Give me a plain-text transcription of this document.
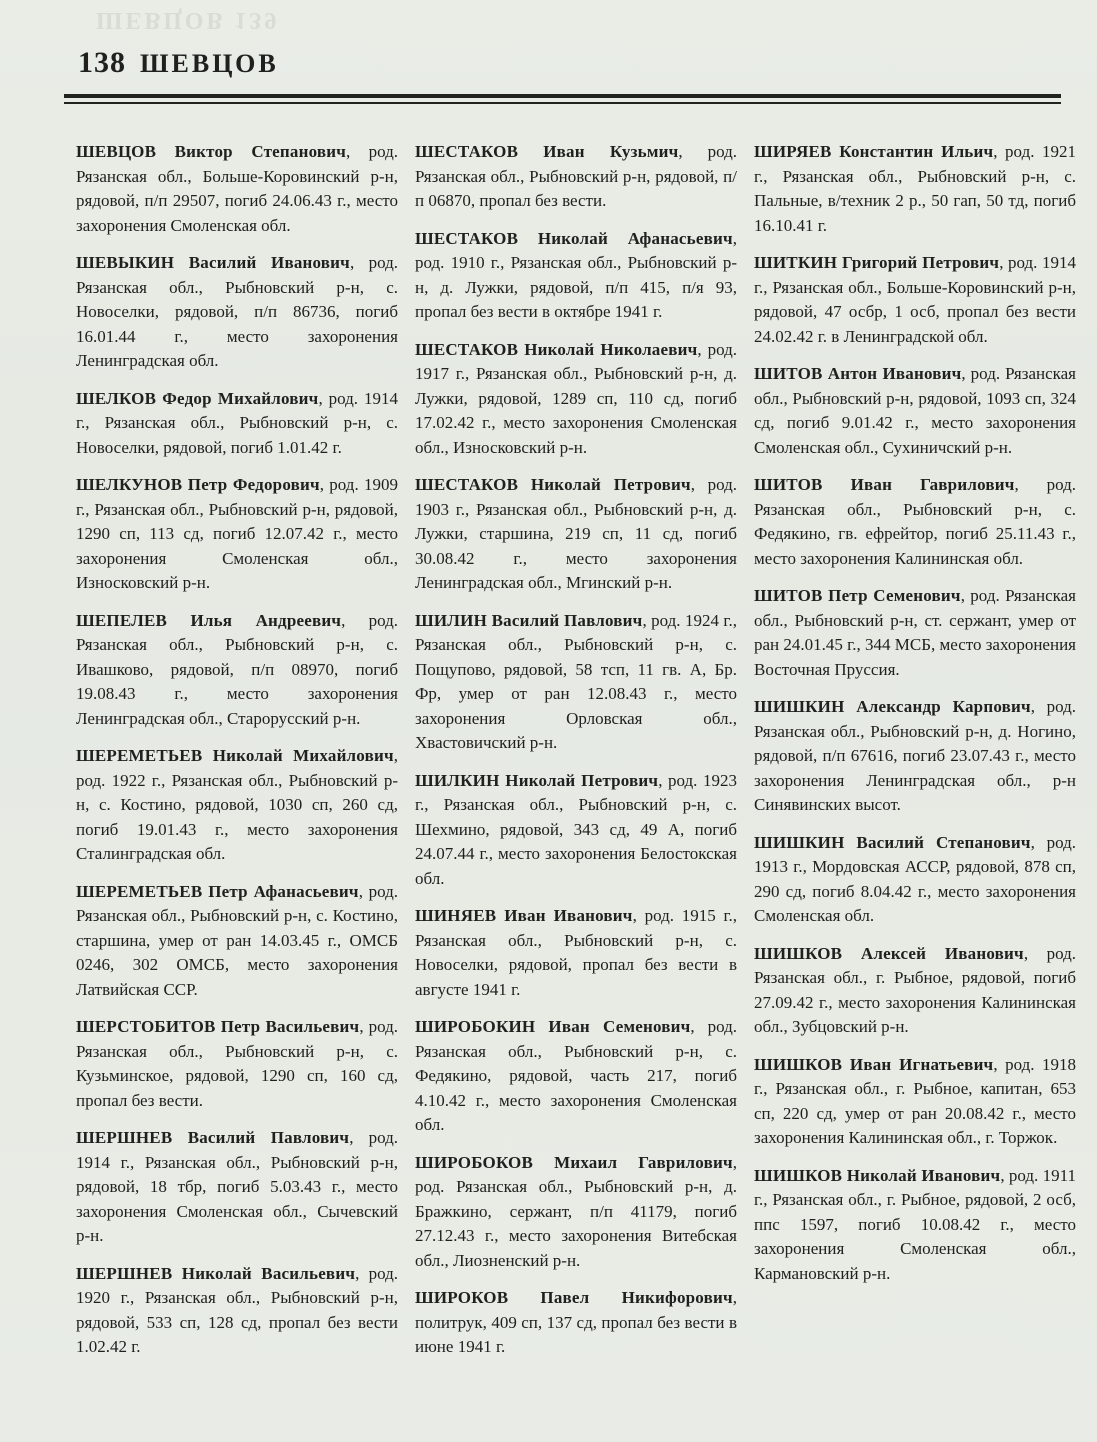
ШЕВЦОВ 139
138 ШЕВЦОВ

ШЕВЦОВ Виктор Степанович, род. Рязанская обл., Больше-Коровинский р-н, рядовой, п/п 29507, погиб 24.06.43 г., место захоронения Смоленская обл.

ШЕВЫКИН Василий Иванович, род. Рязанская обл., Рыбновский р-н, с. Новоселки, рядовой, п/п 86736, погиб 16.01.44 г., место захоронения Ленинградская обл.

ШЕЛКОВ Федор Михайлович, род. 1914 г., Рязанская обл., Рыбновский р-н, с. Новоселки, рядовой, погиб 1.01.42 г.

ШЕЛКУНОВ Петр Федорович, род. 1909 г., Рязанская обл., Рыбновский р-н, рядовой, 1290 сп, 113 сд, погиб 12.07.42 г., место захоронения Смоленская обл., Износковский р-н.

ШЕПЕЛЕВ Илья Андреевич, род. Рязанская обл., Рыбновский р-н, с. Ивашково, рядовой, п/п 08970, погиб 19.08.43 г., место захоронения Ленинградская обл., Старорусский р-н.

ШЕРЕМЕТЬЕВ Николай Михайлович, род. 1922 г., Рязанская обл., Рыбновский р-н, с. Костино, рядовой, 1030 сп, 260 сд, погиб 19.01.43 г., место захоронения Сталинградская обл.

ШЕРЕМЕТЬЕВ Петр Афанасьевич, род. Рязанская обл., Рыбновский р-н, с. Костино, старшина, умер от ран 14.03.45 г., ОМСБ 0246, 302 ОМСБ, место захоронения Латвийская ССР.

ШЕРСТОБИТОВ Петр Васильевич, род. Рязанская обл., Рыбновский р-н, с. Кузьминское, рядовой, 1290 сп, 160 сд, пропал без вести.

ШЕРШНЕВ Василий Павлович, род. 1914 г., Рязанская обл., Рыбновский р-н, рядовой, 18 тбр, погиб 5.03.43 г., место захоронения Смоленская обл., Сычевский р-н.

ШЕРШНЕВ Николай Васильевич, род. 1920 г., Рязанская обл., Рыбновский р-н, рядовой, 533 сп, 128 сд, пропал без вести 1.02.42 г.

ШЕСТАКОВ Иван Кузьмич, род. Рязанская обл., Рыбновский р-н, рядовой, п/п 06870, пропал без вести.

ШЕСТАКОВ Николай Афанасьевич, род. 1910 г., Рязанская обл., Рыбновский р-н, д. Лужки, рядовой, п/п 415, п/я 93, пропал без вести в октябре 1941 г.

ШЕСТАКОВ Николай Николаевич, род. 1917 г., Рязанская обл., Рыбновский р-н, д. Лужки, рядовой, 1289 сп, 110 сд, погиб 17.02.42 г., место захоронения Смоленская обл., Износковский р-н.

ШЕСТАКОВ Николай Петрович, род. 1903 г., Рязанская обл., Рыбновский р-н, д. Лужки, старшина, 219 сп, 11 сд, погиб 30.08.42 г., место захоронения Ленинградская обл., Мгинский р-н.

ШИЛИН Василий Павлович, род. 1924 г., Рязанская обл., Рыбновский р-н, с. Пощупово, рядовой, 58 тсп, 11 гв. А, Бр. Фр, умер от ран 12.08.43 г., место захоронения Орловская обл., Хвастовичский р-н.

ШИЛКИН Николай Петрович, род. 1923 г., Рязанская обл., Рыбновский р-н, с. Шехмино, рядовой, 343 сд, 49 А, погиб 24.07.44 г., место захоронения Белостокская обл.

ШИНЯЕВ Иван Иванович, род. 1915 г., Рязанская обл., Рыбновский р-н, с. Новоселки, рядовой, пропал без вести в августе 1941 г.

ШИРОБОКИН Иван Семенович, род. Рязанская обл., Рыбновский р-н, с. Федякино, рядовой, часть 217, погиб 4.10.42 г., место захоронения Смоленская обл.

ШИРОБОКОВ Михаил Гаврилович, род. Рязанская обл., Рыбновский р-н, д. Бражкино, сержант, п/п 41179, погиб 27.12.43 г., место захоронения Витебская обл., Лиозненский р-н.

ШИРОКОВ Павел Никифорович, политрук, 409 сп, 137 сд, пропал без вести в июне 1941 г.

ШИРЯЕВ Константин Ильич, род. 1921 г., Рязанская обл., Рыбновский р-н, с. Пальные, в/техник 2 р., 50 гап, 50 тд, погиб 16.10.41 г.

ШИТКИН Григорий Петрович, род. 1914 г., Рязанская обл., Больше-Коровинский р-н, рядовой, 47 осбр, 1 осб, пропал без вести 24.02.42 г. в Ленинградской обл.

ШИТОВ Антон Иванович, род. Рязанская обл., Рыбновский р-н, рядовой, 1093 сп, 324 сд, погиб 9.01.42 г., место захоронения Смоленская обл., Сухиничский р-н.

ШИТОВ Иван Гаврилович, род. Рязанская обл., Рыбновский р-н, с. Федякино, гв. ефрейтор, погиб 25.11.43 г., место захоронения Калининская обл.

ШИТОВ Петр Семенович, род. Рязанская обл., Рыбновский р-н, ст. сержант, умер от ран 24.01.45 г., 344 МСБ, место захоронения Восточная Пруссия.

ШИШКИН Александр Карпович, род. Рязанская обл., Рыбновский р-н, д. Ногино, рядовой, п/п 67616, погиб 23.07.43 г., место захоронения Ленинградская обл., р-н Синявинских высот.

ШИШКИН Василий Степанович, род. 1913 г., Мордовская АССР, рядовой, 878 сп, 290 сд, погиб 8.04.42 г., место захоронения Смоленская обл.

ШИШКОВ Алексей Иванович, род. Рязанская обл., г. Рыбное, рядовой, погиб 27.09.42 г., место захоронения Калининская обл., Зубцовский р-н.

ШИШКОВ Иван Игнатьевич, род. 1918 г., Рязанская обл., г. Рыбное, капитан, 653 сп, 220 сд, умер от ран 20.08.42 г., место захоронения Калининская обл., г. Торжок.

ШИШКОВ Николай Иванович, род. 1911 г., Рязанская обл., г. Рыбное, рядовой, 2 осб, ппс 1597, погиб 10.08.42 г., место захоронения Смоленская обл., Кармановский р-н.
